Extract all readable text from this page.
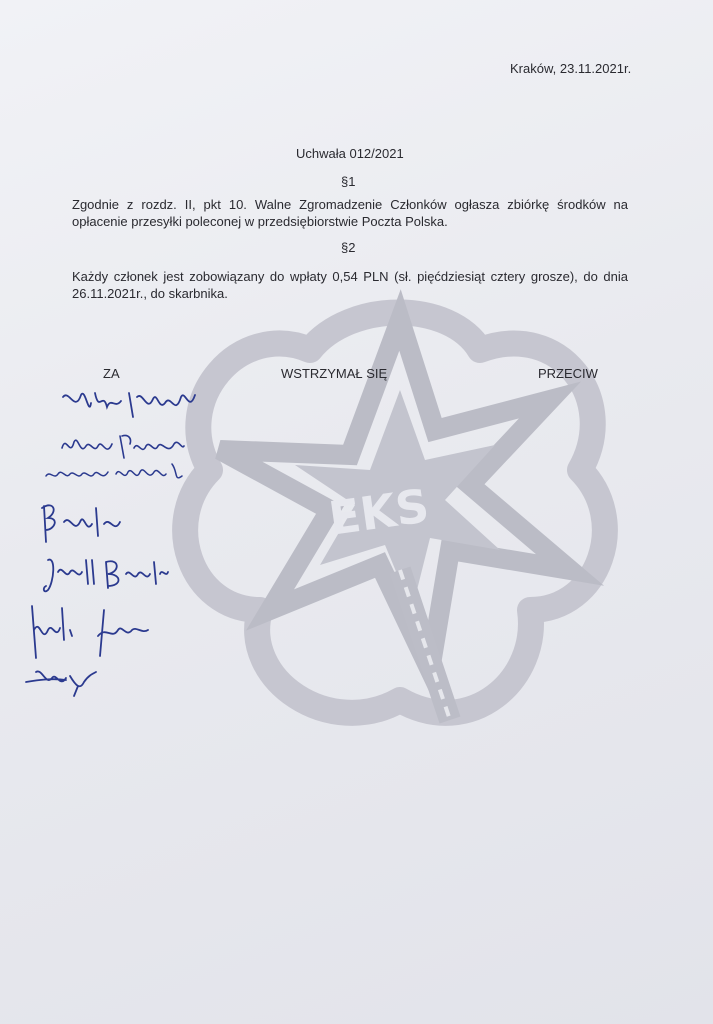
EKS
Kraków, 23.11.2021r.
Uchwała 012/2021
§1
Zgodnie z rozdz. II, pkt 10. Walne Zgromadzenie Członków ogłasza zbiórkę środków na opłacenie przesyłki poleconej w przedsiębiorstwie Poczta Polska.
§2
Każdy członek jest zobowiązany do wpłaty 0,54 PLN (sł. pięćdziesiąt cztery grosze), do dnia 26.11.2021r., do skarbnika.
ZA	WSTRZYMAŁ SIĘ	PRZECIW
